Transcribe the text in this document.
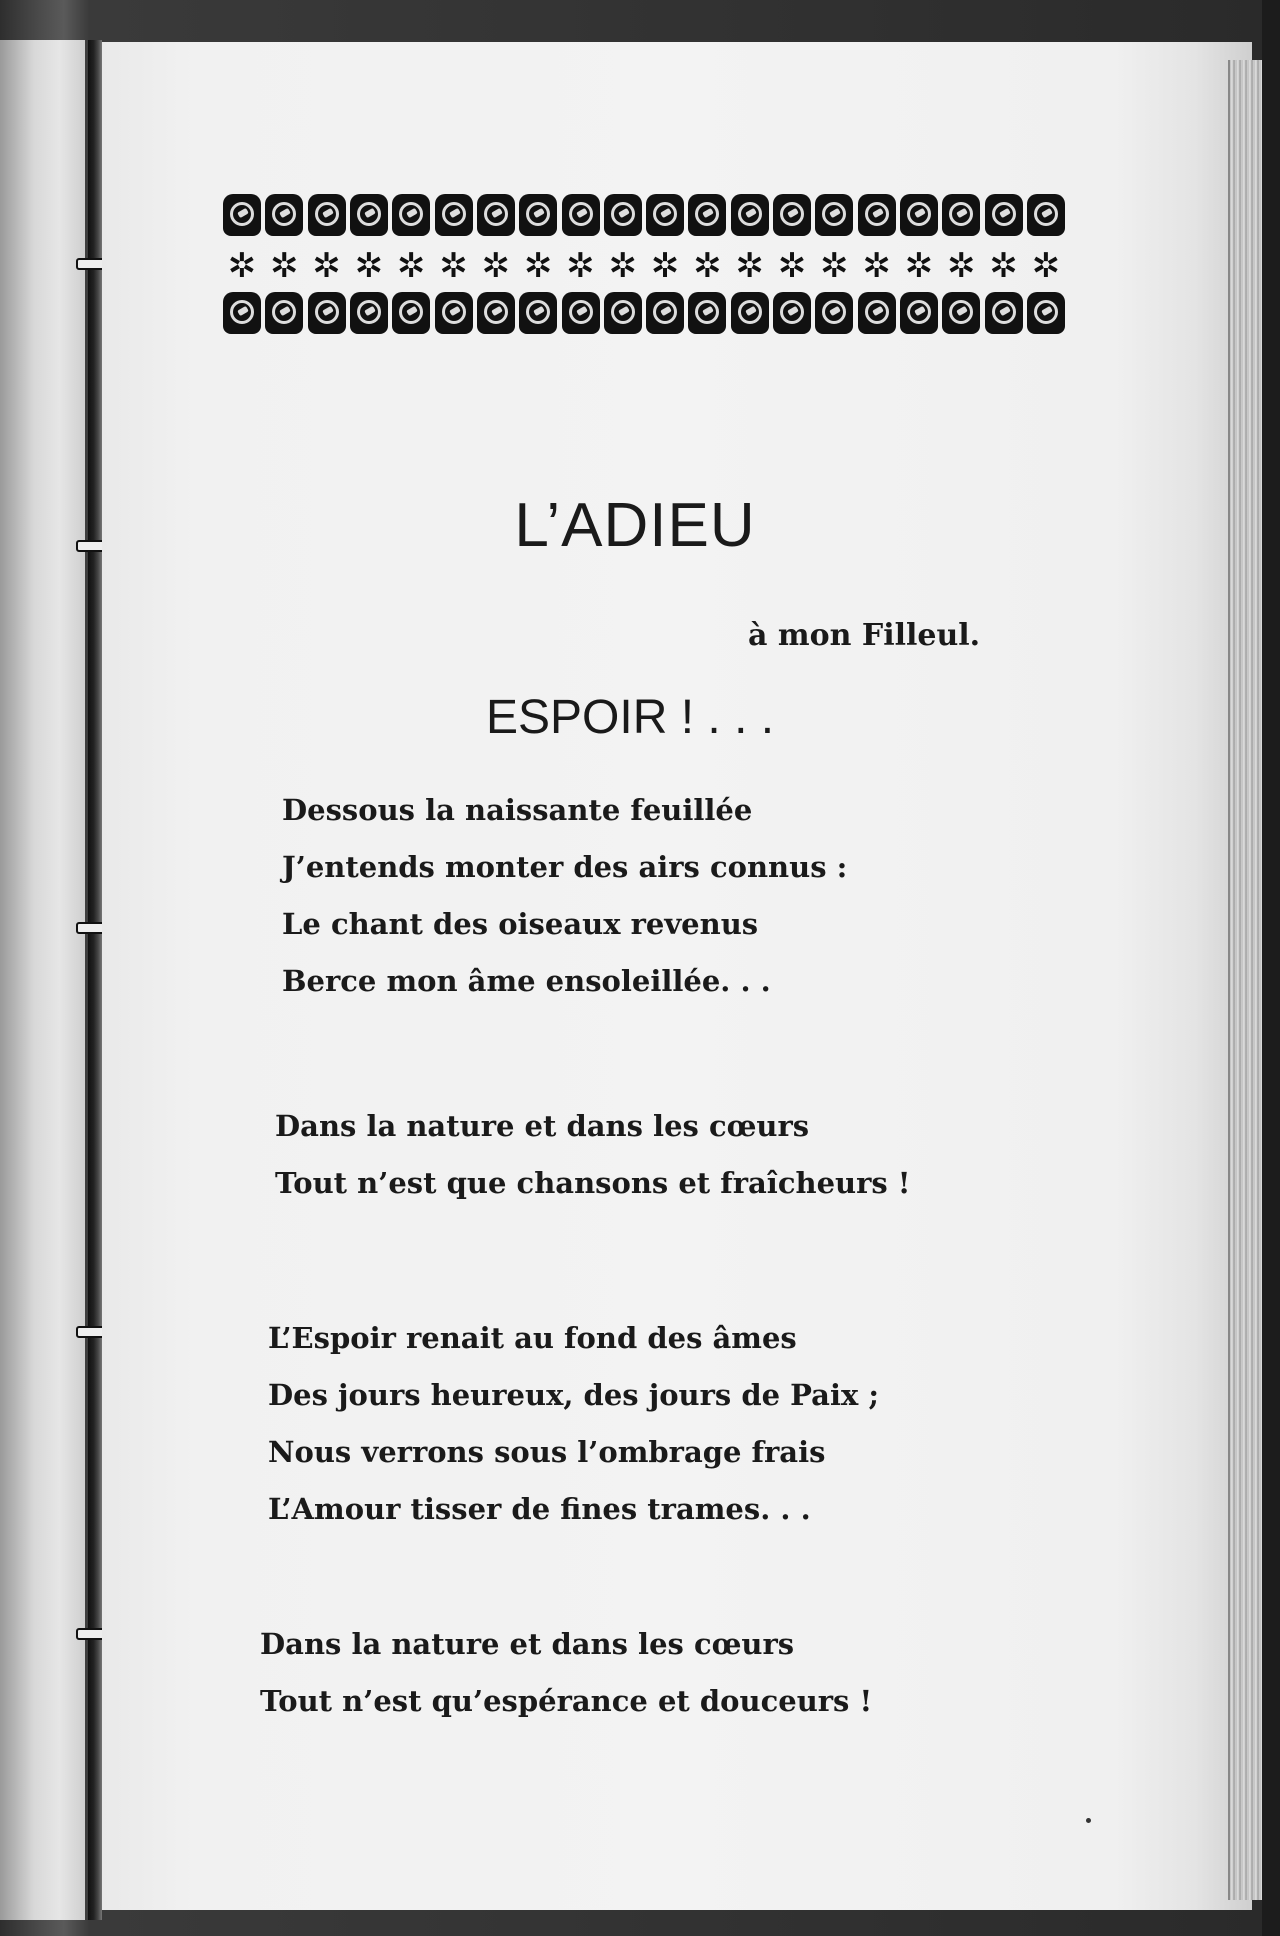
✲ ✲ ✲ ✲ ✲ ✲ ✲ ✲ ✲ ✲ ✲ ✲ ✲ ✲ ✲ ✲ ✲ ✲ ✲ ✲
L’ADIEU
à mon Filleul.
ESPOIR ! . . .
Dessous la naissante feuillée
J’entends monter des airs connus :
Le chant des oiseaux revenus
Berce mon âme ensoleillée. . .
Dans la nature et dans les cœurs
Tout n’est que chansons et fraîcheurs !
L’Espoir renait au fond des âmes
Des jours heureux, des jours de Paix ;
Nous verrons sous l’ombrage frais
L’Amour tisser de fines trames. . .
Dans la nature et dans les cœurs
Tout n’est qu’espérance et douceurs !
